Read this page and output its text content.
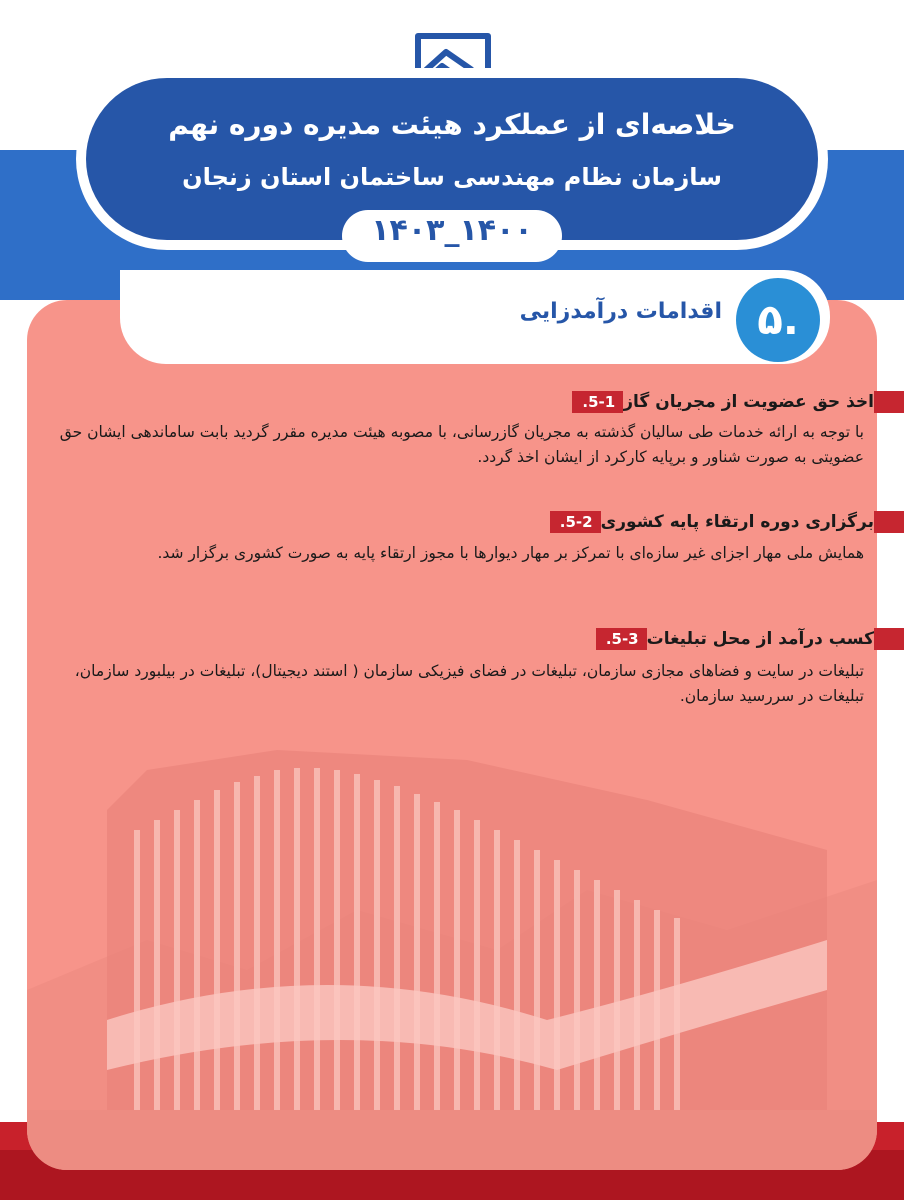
خلاصه‌ای از عملکرد هیئت مدیره دوره نهم
سازمان نظام مهندسی ساختمان استان زنجان
۱۴۰۰_۱۴۰۳
۵.
اقدامات درآمدزایی
5-1. اخذ حق عضویت از مجریان گاز
با توجه به ارائه خدمات طی سالیان گذشته به مجریان گازرسانی، با مصوبه هیئت مدیره مقرر گردید بابت ساماندهی ایشان حق عضویتی به صورت شناور و برپایه کارکرد از ایشان اخذ گردد.
5-2. برگزاری دوره ارتقاء پایه کشوری
همایش ملی مهار اجزای غیر سازه‌ای با تمرکز بر مهار دیوارها با مجوز ارتقاء پایه به صورت کشوری برگزار شد.
5-3. کسب درآمد از محل تبلیغات
تبلیغات در سایت و فضاهای مجازی سازمان، تبلیغات در فضای فیزیکی سازمان ( استند دیجیتال)، تبلیغات در بیلبورد سازمان، تبلیغات در سررسید سازمان.
